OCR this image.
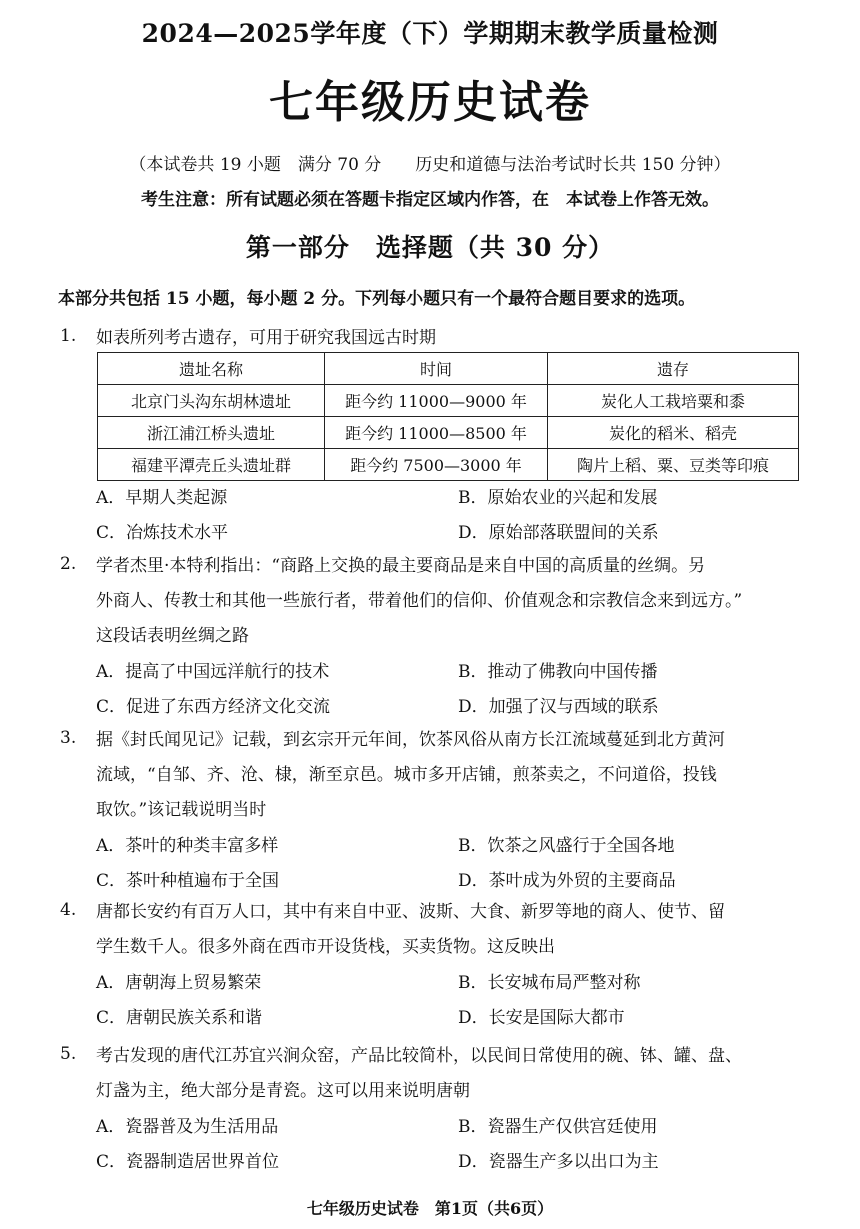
2024—2025学年度（下）学期期末教学质量检测
七年级历史试卷
（本试卷共 19 小题　满分 70 分　　历史和道德与法治考试时长共 150 分钟）
考生注意：所有试题必须在答题卡指定区域内作答，在　本试卷上作答无效。
第一部分　选择题（共 30 分）
本部分共包括 15 小题，每小题 2 分。下列每小题只有一个最符合题目要求的选项。
1. 如表所列考古遗存，可用于研究我国远古时期
遗址名称	时间	遗存
北京门头沟东胡林遗址	距今约 11000—9000 年	炭化人工栽培粟和黍
浙江浦江桥头遗址	距今约 11000—8500 年	炭化的稻米、稻壳
福建平潭壳丘头遗址群	距今约 7500—3000 年	陶片上稻、粟、豆类等印痕
A．早期人类起源	B．原始农业的兴起和发展
C．冶炼技术水平	D．原始部落联盟间的关系
2. 学者杰里·本特利指出：“商路上交换的最主要商品是来自中国的高质量的丝绸。另
外商人、传教士和其他一些旅行者，带着他们的信仰、价值观念和宗教信念来到远方。”
这段话表明丝绸之路
A．提高了中国远洋航行的技术	B．推动了佛教向中国传播
C．促进了东西方经济文化交流	D．加强了汉与西域的联系
3. 据《封氏闻见记》记载，到玄宗开元年间，饮茶风俗从南方长江流域蔓延到北方黄河
流域，“自邹、齐、沧、棣，渐至京邑。城市多开店铺，煎茶卖之，不问道俗，投钱
取饮。”该记载说明当时
A．茶叶的种类丰富多样	B．饮茶之风盛行于全国各地
C．茶叶种植遍布于全国	D．茶叶成为外贸的主要商品
4. 唐都长安约有百万人口，其中有来自中亚、波斯、大食、新罗等地的商人、使节、留
学生数千人。很多外商在西市开设货栈，买卖货物。这反映出
A．唐朝海上贸易繁荣	B．长安城布局严整对称
C．唐朝民族关系和谐	D．长安是国际大都市
5. 考古发现的唐代江苏宜兴涧众窑，产品比较简朴，以民间日常使用的碗、钵、罐、盘、
灯盏为主，绝大部分是青瓷。这可以用来说明唐朝
A．瓷器普及为生活用品	B．瓷器生产仅供宫廷使用
C．瓷器制造居世界首位	D．瓷器生产多以出口为主
七年级历史试卷　第1页（共6页）
